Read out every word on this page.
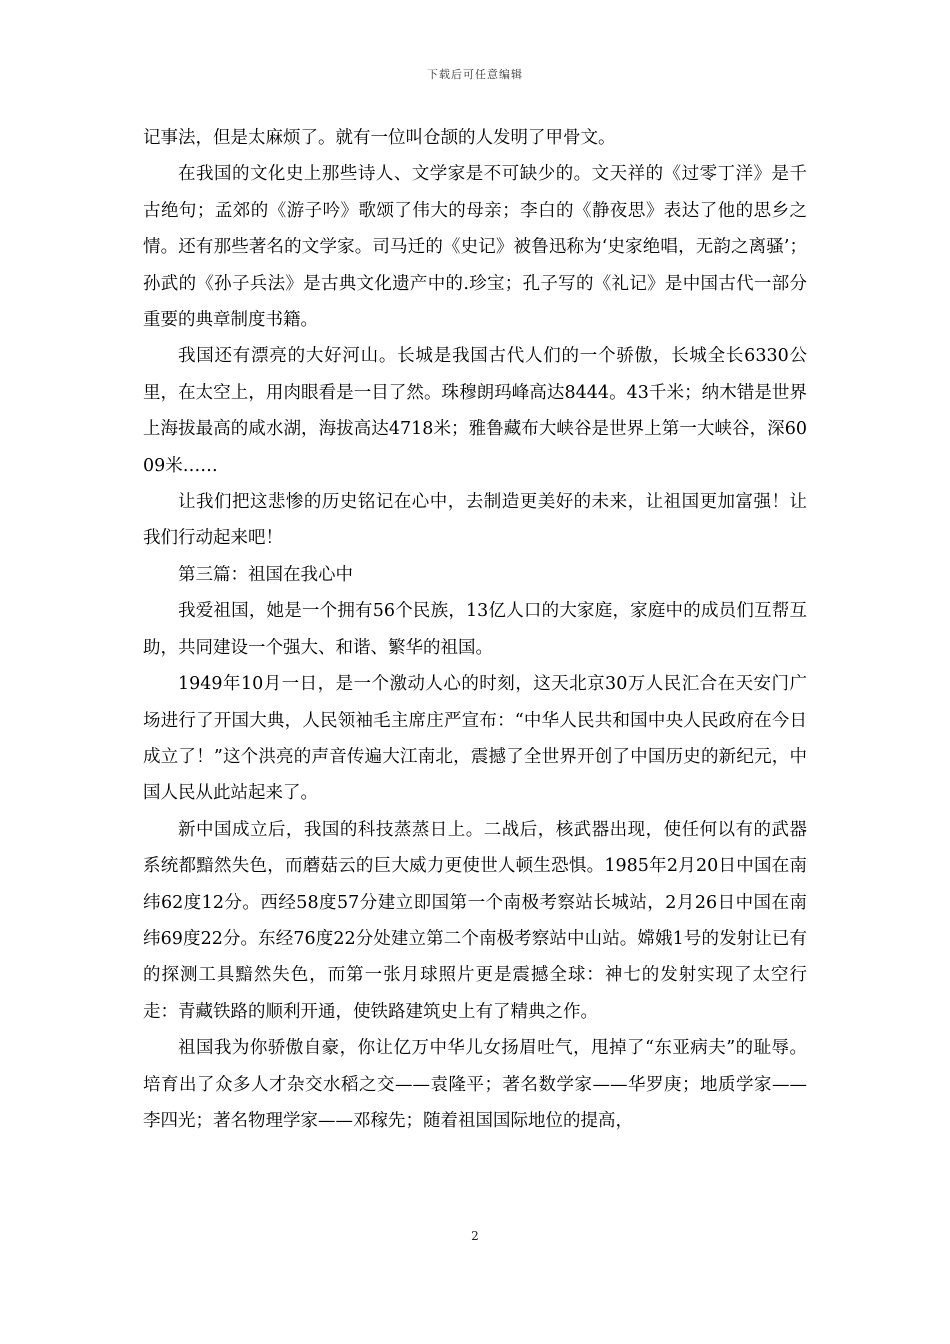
下载后可任意编辑

记事法，但是太麻烦了。就有一位叫仓颉的人发明了甲骨文。

在我国的文化史上那些诗人、文学家是不可缺少的。文天祥的《过零丁洋》是千古绝句；孟郊的《游子吟》歌颂了伟大的母亲；李白的《静夜思》表达了他的思乡之情。还有那些著名的文学家。司马迁的《史记》被鲁迅称为‘史家绝唱，无韵之离骚’；孙武的《孙子兵法》是古典文化遗产中的.珍宝；孔子写的《礼记》是中国古代一部分重要的典章制度书籍。

我国还有漂亮的大好河山。长城是我国古代人们的一个骄傲，长城全长6330公里，在太空上，用肉眼看是一目了然。珠穆朗玛峰高达8444。43千米；纳木错是世界上海拔最高的咸水湖，海拔高达4718米；雅鲁藏布大峡谷是世界上第一大峡谷，深6009米……

让我们把这悲惨的历史铭记在心中，去制造更美好的未来，让祖国更加富强！让我们行动起来吧！

第三篇：祖国在我心中

我爱祖国，她是一个拥有56个民族，13亿人口的大家庭，家庭中的成员们互帮互助，共同建设一个强大、和谐、繁华的祖国。

1949年10月一日，是一个激动人心的时刻，这天北京30万人民汇合在天安门广场进行了开国大典，人民领袖毛主席庄严宣布：“中华人民共和国中央人民政府在今日成立了！”这个洪亮的声音传遍大江南北，震撼了全世界开创了中国历史的新纪元，中国人民从此站起来了。

新中国成立后，我国的科技蒸蒸日上。二战后，核武器出现，使任何以有的武器系统都黯然失色，而蘑菇云的巨大威力更使世人顿生恐惧。1985年2月20日中国在南纬62度12分。西经58度57分建立即国第一个南极考察站长城站，2月26日中国在南纬69度22分。东经76度22分处建立第二个南极考察站中山站。嫦娥1号的发射让已有的探测工具黯然失色，而第一张月球照片更是震撼全球：神七的发射实现了太空行走：青藏铁路的顺利开通，使铁路建筑史上有了精典之作。

祖国我为你骄傲自豪，你让亿万中华儿女扬眉吐气，甩掉了“东亚病夫”的耻辱。培育出了众多人才杂交水稻之交——袁隆平；著名数学家——华罗庚；地质学家——李四光；著名物理学家——邓稼先；随着祖国国际地位的提高，

2
